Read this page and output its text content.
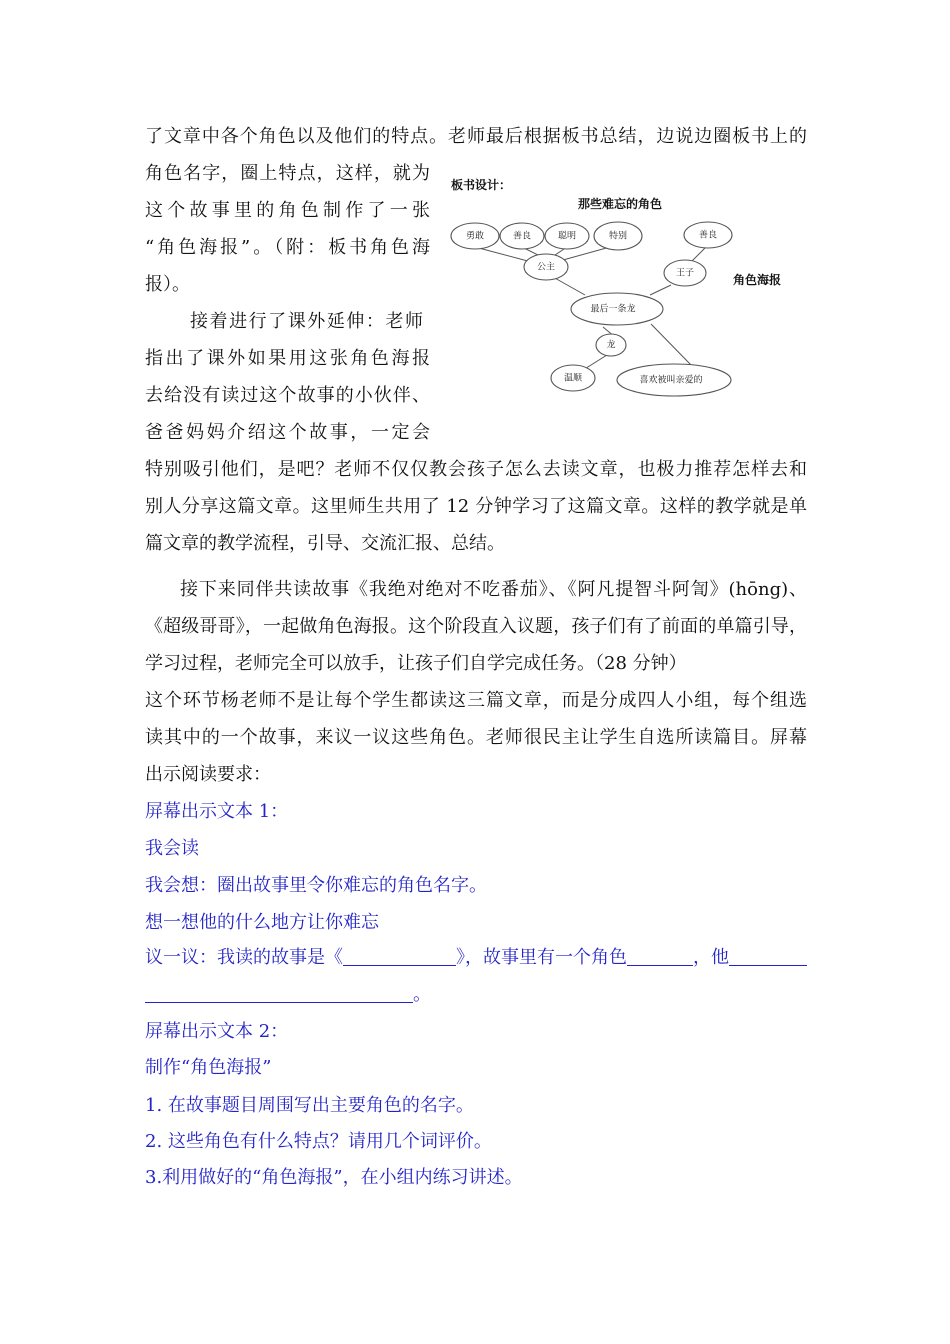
了文章中各个角色以及他们的特点。老师最后根据板书总结，边说边圈板书上的
角色名字，圈上特点，这样，就为
这个故事里的角色制作了一张
“角色海报”。（附：板书角色海
报）。
接着进行了课外延伸：老师
指出了课外如果用这张角色海报
去给没有读过这个故事的小伙伴、
爸爸妈妈介绍这个故事，一定会
特别吸引他们，是吧？老师不仅仅教会孩子怎么去读文章，也极力推荐怎样去和
别人分享这篇文章。这里师生共用了 12 分钟学习了这篇文章。这样的教学就是单
篇文章的教学流程，引导、交流汇报、总结。
接下来同伴共读故事《我绝对绝对不吃番茄》、《阿凡提智斗阿訇》(hōng)、
《超级哥哥》，一起做角色海报。这个阶段直入议题，孩子们有了前面的单篇引导，
学习过程，老师完全可以放手，让孩子们自学完成任务。（28 分钟）
这个环节杨老师不是让每个学生都读这三篇文章，而是分成四人小组，每个组选
读其中的一个故事，来议一议这些角色。老师很民主让学生自选所读篇目。屏幕
出示阅读要求：
屏幕出示文本 1：
我会读
我会想：圈出故事里令你难忘的角色名字。
想一想他的什么地方让你难忘
议一议：我读的故事是《	》，故事里有一个角色	，他
。
屏幕出示文本 2：
制作“角色海报”
1. 在故事题目周围写出主要角色的名字。
2. 这些角色有什么特点？请用几个词评价。
3.利用做好的“角色海报”，在小组内练习讲述。
勇敢	善良	聪明	特别
公主
善良
王子
最后一条龙
龙
温顺	喜欢被叫亲爱的
板书设计：
那些难忘的角色
角色海报
